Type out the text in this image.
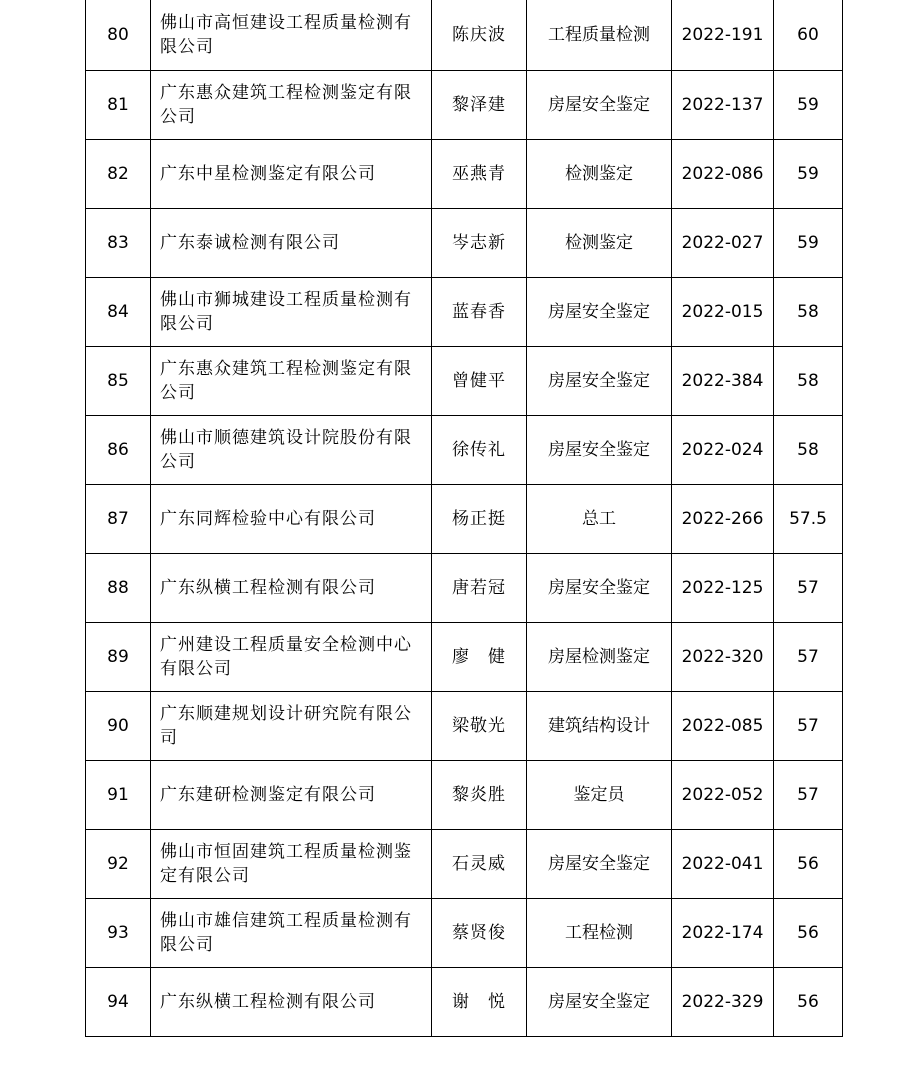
80	佛山市高恒建设工程质量检测有限公司	陈庆波	工程质量检测	2022-191	60
81	广东惠众建筑工程检测鉴定有限公司	黎泽建	房屋安全鉴定	2022-137	59
82	广东中星检测鉴定有限公司	巫燕青	检测鉴定	2022-086	59
83	广东泰诚检测有限公司	岑志新	检测鉴定	2022-027	59
84	佛山市狮城建设工程质量检测有限公司	蓝春香	房屋安全鉴定	2022-015	58
85	广东惠众建筑工程检测鉴定有限公司	曾健平	房屋安全鉴定	2022-384	58
86	佛山市顺德建筑设计院股份有限公司	徐传礼	房屋安全鉴定	2022-024	58
87	广东同辉检验中心有限公司	杨正挺	总工	2022-266	57.5
88	广东纵横工程检测有限公司	唐若冠	房屋安全鉴定	2022-125	57
89	广州建设工程质量安全检测中心有限公司	廖　健	房屋检测鉴定	2022-320	57
90	广东顺建规划设计研究院有限公司	梁敬光	建筑结构设计	2022-085	57
91	广东建研检测鉴定有限公司	黎炎胜	鉴定员	2022-052	57
92	佛山市恒固建筑工程质量检测鉴定有限公司	石灵威	房屋安全鉴定	2022-041	56
93	佛山市雄信建筑工程质量检测有限公司	蔡贤俊	工程检测	2022-174	56
94	广东纵横工程检测有限公司	谢　悦	房屋安全鉴定	2022-329	56
